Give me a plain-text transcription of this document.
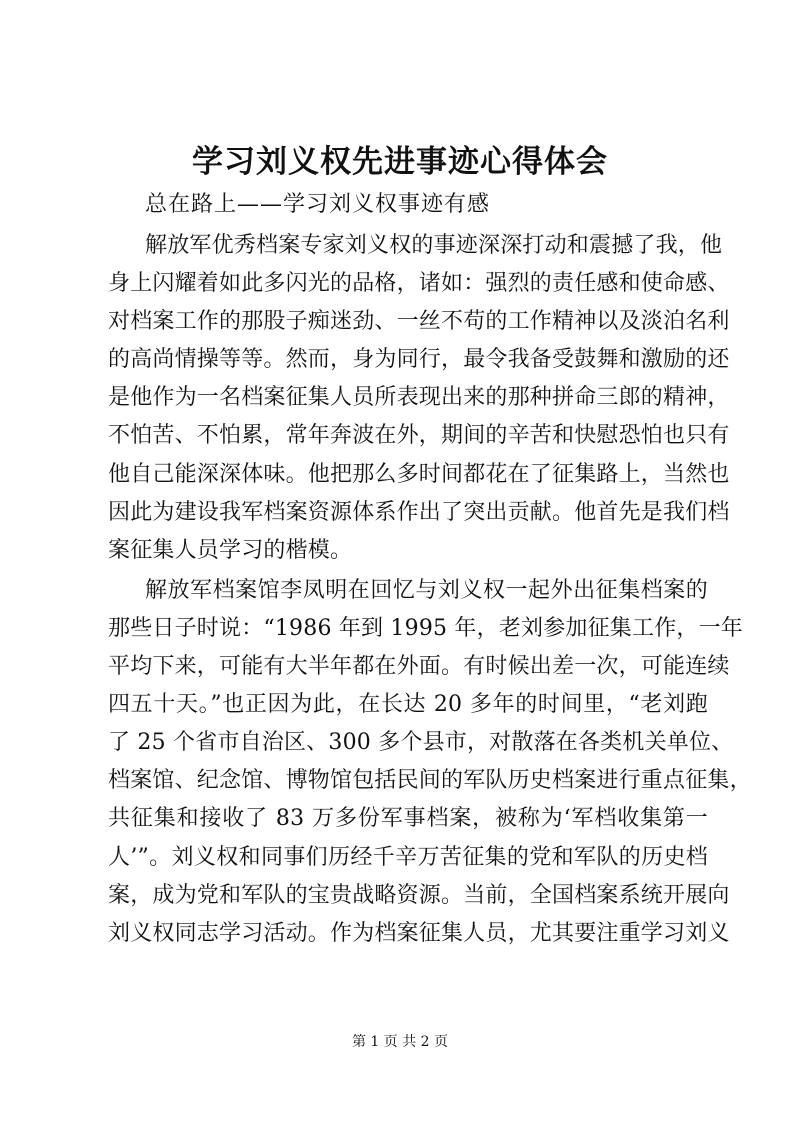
学习刘义权先进事迹心得体会
总在路上——学习刘义权事迹有感
解放军优秀档案专家刘义权的事迹深深打动和震撼了我，他
身上闪耀着如此多闪光的品格，诸如：强烈的责任感和使命感、
对档案工作的那股子痴迷劲、一丝不苟的工作精神以及淡泊名利
的高尚情操等等。然而，身为同行，最令我备受鼓舞和激励的还
是他作为一名档案征集人员所表现出来的那种拼命三郎的精神，
不怕苦、不怕累，常年奔波在外，期间的辛苦和快慰恐怕也只有
他自己能深深体味。他把那么多时间都花在了征集路上，当然也
因此为建设我军档案资源体系作出了突出贡献。他首先是我们档
案征集人员学习的楷模。
解放军档案馆李凤明在回忆与刘义权一起外出征集档案的
那些日子时说：“1986 年到 1995 年，老刘参加征集工作，一年
平均下来，可能有大半年都在外面。有时候出差一次，可能连续
四五十天。”也正因为此，在长达 20 多年的时间里，“老刘跑
了 25 个省市自治区、300 多个县市，对散落在各类机关单位、
档案馆、纪念馆、博物馆包括民间的军队历史档案进行重点征集，
共征集和接收了 83 万多份军事档案，被称为‘军档收集第一
人’”。刘义权和同事们历经千辛万苦征集的党和军队的历史档
案，成为党和军队的宝贵战略资源。当前，全国档案系统开展向
刘义权同志学习活动。作为档案征集人员，尤其要注重学习刘义
第 1 页 共 2 页
